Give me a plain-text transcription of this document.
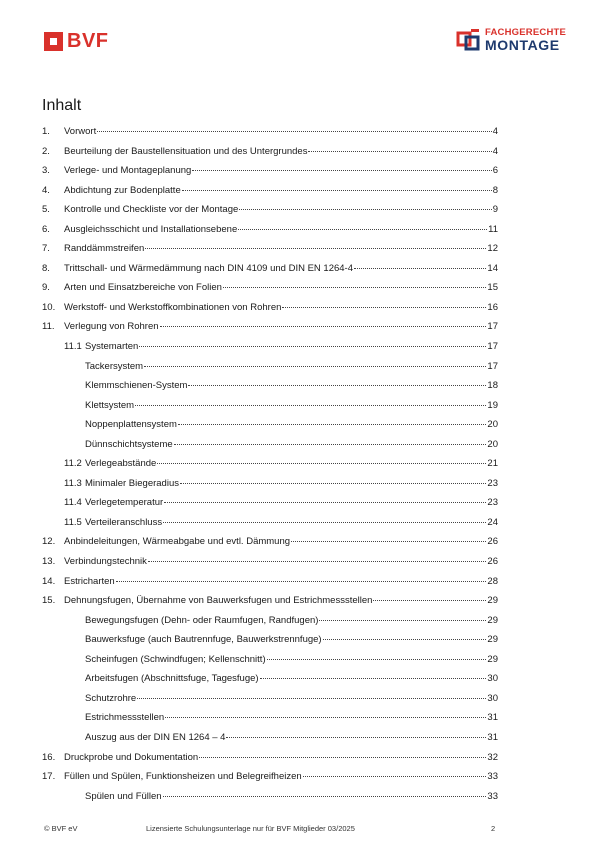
BVF	FACHGERECHTE
MONTAGE
Inhalt
1.	Vorwort	4
2.	Beurteilung der Baustellensituation und des Untergrundes	4
3.	Verlege- und Montageplanung	6
4.	Abdichtung zur Bodenplatte	8
5.	Kontrolle und Checkliste vor der Montage	9
6.	Ausgleichsschicht und Installationsebene	11
7.	Randdämmstreifen	12
8.	Trittschall- und Wärmedämmung nach DIN 4109 und DIN EN 1264-4	14
9.	Arten und Einsatzbereiche von Folien	15
10. Werkstoff- und Werkstoffkombinationen von Rohren	16
11. Verlegung von Rohren	17
11.1 Systemarten	17
Tackersystem	17
Klemmschienen-System	18
Klettsystem	19
Noppenplattensystem	20
Dünnschichtsysteme	20
11.2 Verlegeabstände	21
11.3 Minimaler Biegeradius	23
11.4 Verlegetemperatur	23
11.5 Verteileranschluss	24
12. Anbindeleitungen, Wärmeabgabe und evtl. Dämmung	26
13. Verbindungstechnik	26
14. Estricharten	28
15. Dehnungsfugen, Übernahme von Bauwerksfugen und Estrichmessstellen	29
Bewegungsfugen (Dehn- oder Raumfugen, Randfugen)	29
Bauwerksfuge (auch Bautrennfuge, Bauwerkstrennfuge)	29
Scheinfugen (Schwindfugen; Kellenschnitt)	29
Arbeitsfugen (Abschnittsfuge, Tagesfuge)	30
Schutzrohre	30
Estrichmessstellen	31
Auszug aus der DIN EN 1264 – 4	31
16. Druckprobe und Dokumentation	32
17. Füllen und Spülen, Funktionsheizen und Belegreifheizen	33
Spülen und Füllen	33
© BVF eV	Lizensierte Schulungsunterlage nur für BVF Mitglieder 03/2025	2
